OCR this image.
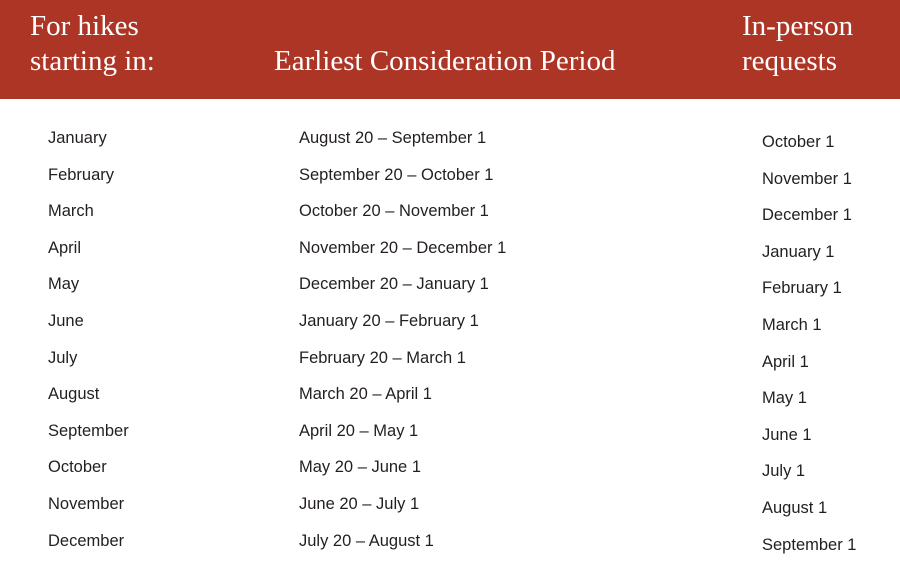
For hikes
starting in:	Earliest Consideration Period
In-person
requests
January
February
March
April
May
June
July
August
September
October
November
December
August 20 – September 1
September 20 – October 1
October 20 – November 1
November 20 – December 1
December 20 – January 1
January 20 – February 1
February 20 – March 1
March 20 – April 1
April 20 – May 1
May 20 – June 1
June 20 – July 1
July 20 – August 1
October 1
November 1
December 1
January 1
February 1
March 1
April 1
May 1
June 1
July 1
August 1
September 1
